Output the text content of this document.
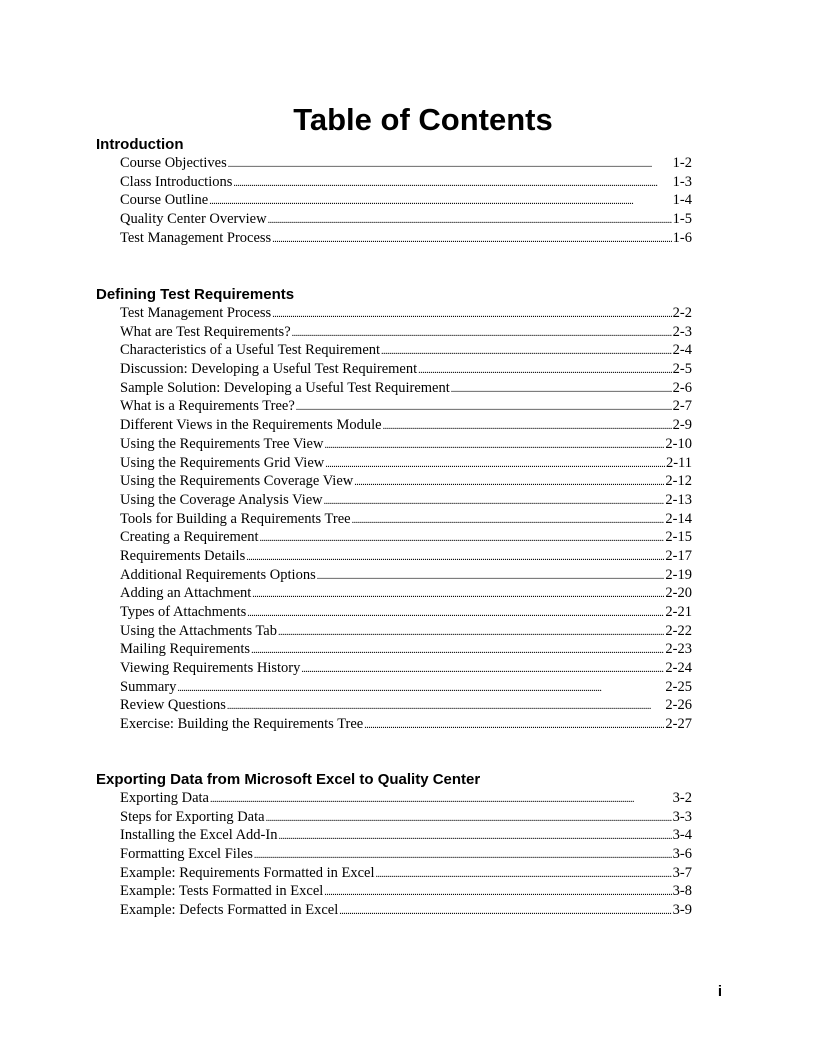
Table of Contents
Introduction
Course Objectives . . .	1-2
Class Introductions . . .	1-3
Course Outline . . .	1-4
Quality Center Overview . . .	1-5
Test Management Process . . .	1-6
Defining Test Requirements
Test Management Process . . .	2-2
What are Test Requirements? . . .	2-3
Characteristics of a Useful Test Requirement . . .	2-4
Discussion: Developing a Useful Test Requirement . . .	2-5
Sample Solution: Developing a Useful Test Requirement . . .	2-6
What is a Requirements Tree? . . .	2-7
Different Views in the Requirements Module . . .	2-9
Using the Requirements Tree View . . .	2-10
Using the Requirements Grid View . . .	2-11
Using the Requirements Coverage View . . .	2-12
Using the Coverage Analysis View . . .	2-13
Tools for Building a Requirements Tree . . .	2-14
Creating a Requirement . . .	2-15
Requirements Details . . .	2-17
Additional Requirements Options . . .	2-19
Adding an Attachment . . .	2-20
Types of Attachments . . .	2-21
Using the Attachments Tab . . .	2-22
Mailing Requirements . . .	2-23
Viewing Requirements History . . .	2-24
Summary . . .	2-25
Review Questions . . .	2-26
Exercise: Building the Requirements Tree . . .	2-27
Exporting Data from Microsoft Excel to Quality Center
Exporting Data . . .	3-2
Steps for Exporting Data . . .	3-3
Installing the Excel Add-In . . .	3-4
Formatting Excel Files . . .	3-6
Example: Requirements Formatted in Excel . . .	3-7
Example: Tests Formatted in Excel . . .	3-8
Example: Defects Formatted in Excel . . .	3-9
i
